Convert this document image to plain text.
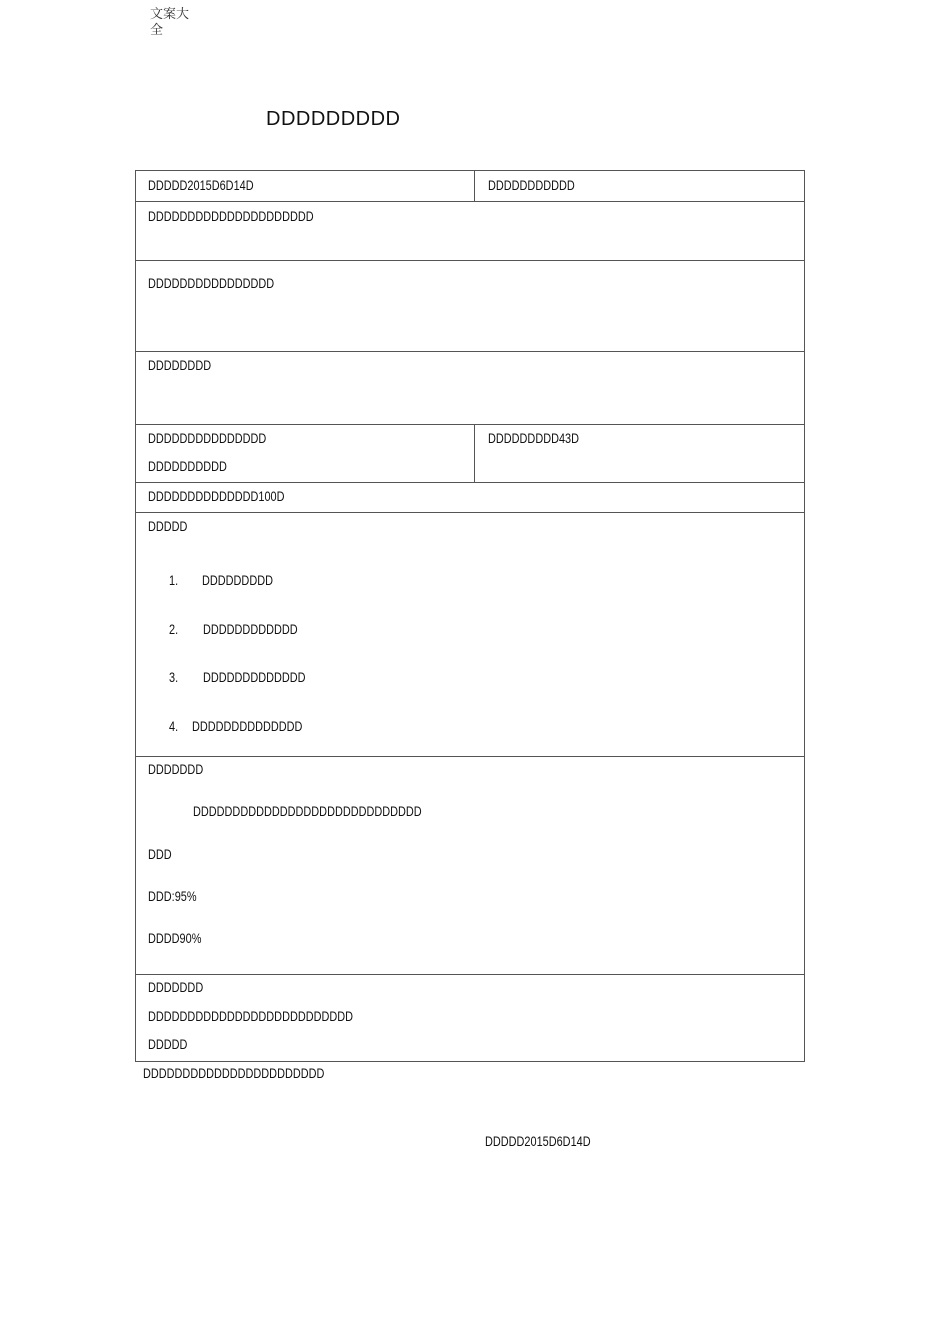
文案大全
DDDDDDDDD
DDDDD2015D6D14D	DDDDDDDDDDD
DDDDDDDDDDDDDDDDDDDDD
DDDDDDDDDDDDDDDD
DDDDDDDD
DDDDDDDDDDDDDDD
DDDDDDDDDD
DDDDDDDDD43D
DDDDDDDDDDDDDD100D
DDDDD
1. DDDDDDDDD
2. DDDDDDDDDDDD
3. DDDDDDDDDDDDD
4. DDDDDDDDDDDDDD
DDDDDDD
DDDDDDDDDDDDDDDDDDDDDDDDDDDDD
DDD
DDD:95%
DDDD90%
DDDDDDD
DDDDDDDDDDDDDDDDDDDDDDDDDD
DDDDD
DDDDDDDDDDDDDDDDDDDDDDD
DDDDD2015D6D14D
